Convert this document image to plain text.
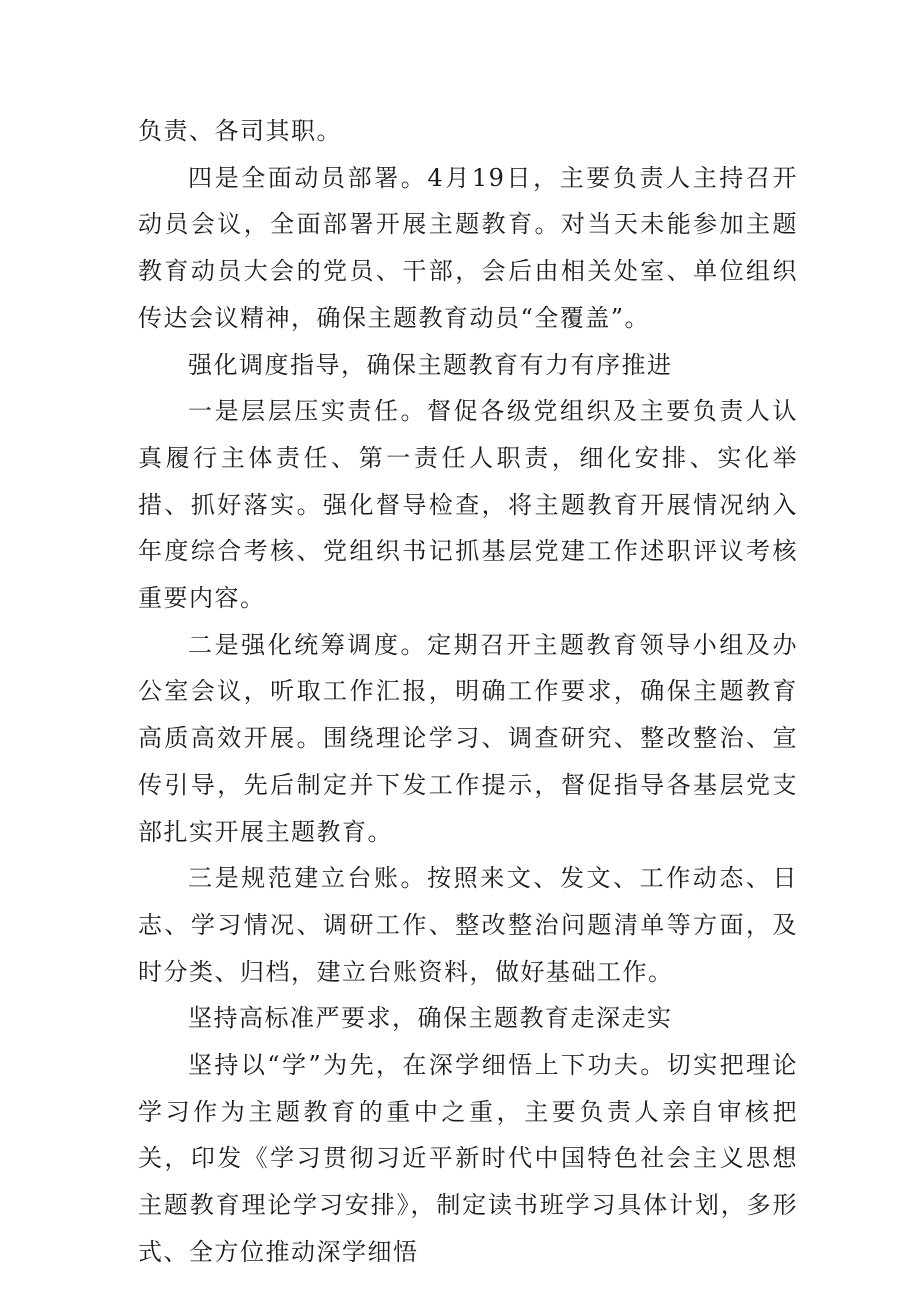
负责、各司其职。

四是全面动员部署。4月19日，主要负责人主持召开动员会议，全面部署开展主题教育。对当天未能参加主题教育动员大会的党员、干部，会后由相关处室、单位组织传达会议精神，确保主题教育动员“全覆盖”。

强化调度指导，确保主题教育有力有序推进

一是层层压实责任。督促各级党组织及主要负责人认真履行主体责任、第一责任人职责，细化安排、实化举措、抓好落实。强化督导检查，将主题教育开展情况纳入年度综合考核、党组织书记抓基层党建工作述职评议考核重要内容。

二是强化统筹调度。定期召开主题教育领导小组及办公室会议，听取工作汇报，明确工作要求，确保主题教育高质高效开展。围绕理论学习、调查研究、整改整治、宣传引导，先后制定并下发工作提示，督促指导各基层党支部扎实开展主题教育。

三是规范建立台账。按照来文、发文、工作动态、日志、学习情况、调研工作、整改整治问题清单等方面，及时分类、归档，建立台账资料，做好基础工作。

坚持高标准严要求，确保主题教育走深走实

坚持以“学”为先，在深学细悟上下功夫。切实把理论学习作为主题教育的重中之重，主要负责人亲自审核把关，印发《学习贯彻习近平新时代中国特色社会主义思想主题教育理论学习安排》，制定读书班学习具体计划，多形式、全方位推动深学细悟
